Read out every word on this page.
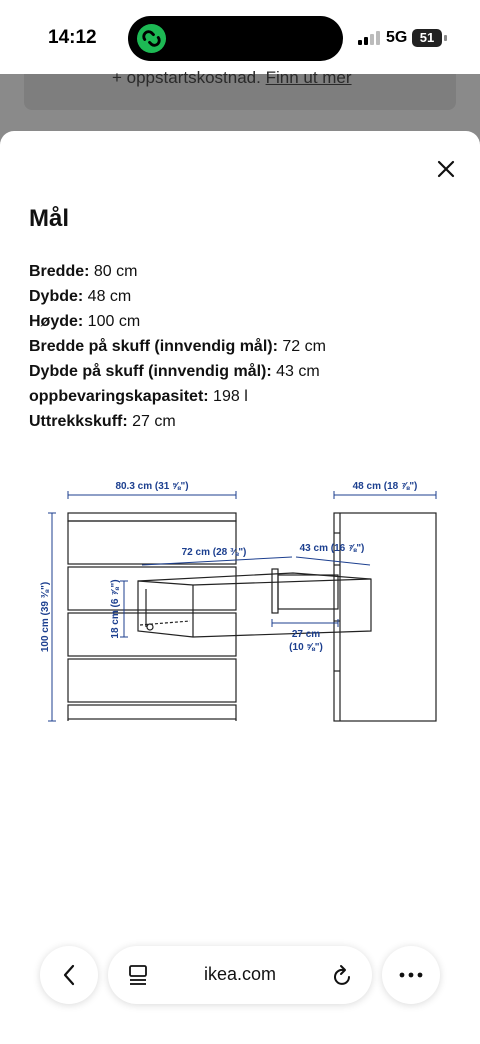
14:12	5G 51
+ oppstartskostnad. Finn ut mer
Mål
Bredde: 80 cm
Dybde: 48 cm
Høyde: 100 cm
Bredde på skuff (innvendig mål): 72 cm
Dybde på skuff (innvendig mål): 43 cm
oppbevaringskapasitet: 198 l
Uttrekkskuff: 27 cm
80.3 cm (31 ⅝")
100 cm (39 ⅜")
48 cm (18 ⅞")
27 cm
(10 ⅝")
72 cm (28 ⅜")	43 cm (16 ⅞")
18 cm (6 ⅞")
ikea.com
